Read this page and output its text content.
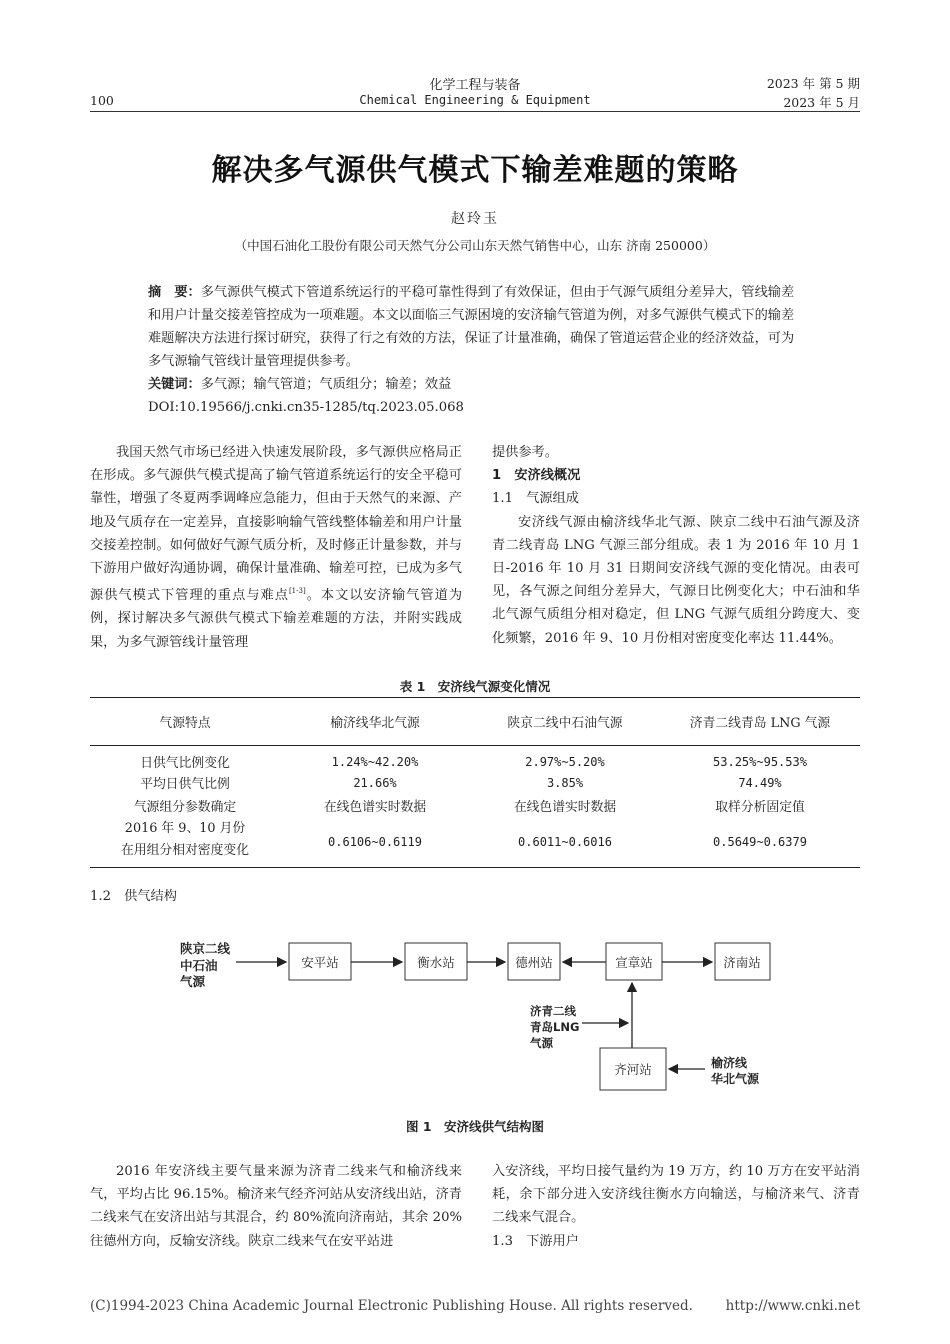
化学工程与装备
Chemical Engineering & Equipment
100
2023 年 第 5 期
2023 年 5 月
解决多气源供气模式下输差难题的策略
赵玲玉
（中国石油化工股份有限公司天然气分公司山东天然气销售中心，山东 济南 250000）
摘　要：多气源供气模式下管道系统运行的平稳可靠性得到了有效保证，但由于气源气质组分差异大，管线输差和用户计量交接差管控成为一项难题。本文以面临三气源困境的安济输气管道为例，对多气源供气模式下的输差难题解决方法进行探讨研究，获得了行之有效的方法，保证了计量准确，确保了管道运营企业的经济效益，可为多气源输气管线计量管理提供参考。
关键词：多气源；输气管道；气质组分；输差；效益
DOI:10.19566/j.cnki.cn35-1285/tq.2023.05.068

我国天然气市场已经进入快速发展阶段，多气源供应格局正在形成。多气源供气模式提高了输气管道系统运行的安全平稳可靠性，增强了冬夏两季调峰应急能力，但由于天然气的来源、产地及气质存在一定差异，直接影响输气管线整体输差和用户计量交接差控制。如何做好气源气质分析，及时修正计量参数，并与下游用户做好沟通协调，确保计量准确、输差可控，已成为多气源供气模式下管理的重点与难点[1-3]。本文以安济输气管道为例，探讨解决多气源供气模式下输差难题的方法，并附实践成果，为多气源管线计量管理

提供参考。

1　安济线概况

1.1　气源组成

安济线气源由榆济线华北气源、陕京二线中石油气源及济青二线青岛 LNG 气源三部分组成。表 1 为 2016 年 10 月 1 日-2016 年 10 月 31 日期间安济线气源的变化情况。由表可见，各气源之间组分差异大，气源日比例变化大；中石油和华北气源气质组分相对稳定，但 LNG 气源气质组分跨度大、变化频繁，2016 年 9、10 月份相对密度变化率达 11.44%。

表 1　安济线气源变化情况
气源特点	榆济线华北气源	陕京二线中石油气源	济青二线青岛 LNG 气源
日供气比例变化	1.24%~42.20%	2.97%~5.20%	53.25%~95.53%
平均日供气比例	21.66%	3.85%	74.49%
气源组分参数确定	在线色谱实时数据	在线色谱实时数据	取样分析固定值

2016 年 9、10 月份
在用组分相对密度变化	0.6106~0.6119	0.6011~0.6016	0.5649~0.6379
1.2　供气结构
陕京二线
中石油
气源
安平站	衡水站	德州站	宣章站	济南站
济青二线
青岛LNG
气源
齐河站	榆济线
华北气源
图 1　安济线供气结构图

2016 年安济线主要气量来源为济青二线来气和榆济线来气，平均占比 96.15%。榆济来气经齐河站从安济线出站，济青二线来气在安济出站与其混合，约 80%流向济南站，其余 20%往德州方向，反输安济线。陕京二线来气在安平站进

入安济线，平均日接气量约为 19 万方，约 10 万方在安平站消耗，余下部分进入安济线往衡水方向输送，与榆济来气、济青二线来气混合。

1.3　下游用户

(C)1994-2023 China Academic Journal Electronic Publishing House. All rights reserved. http://www.cnki.net
